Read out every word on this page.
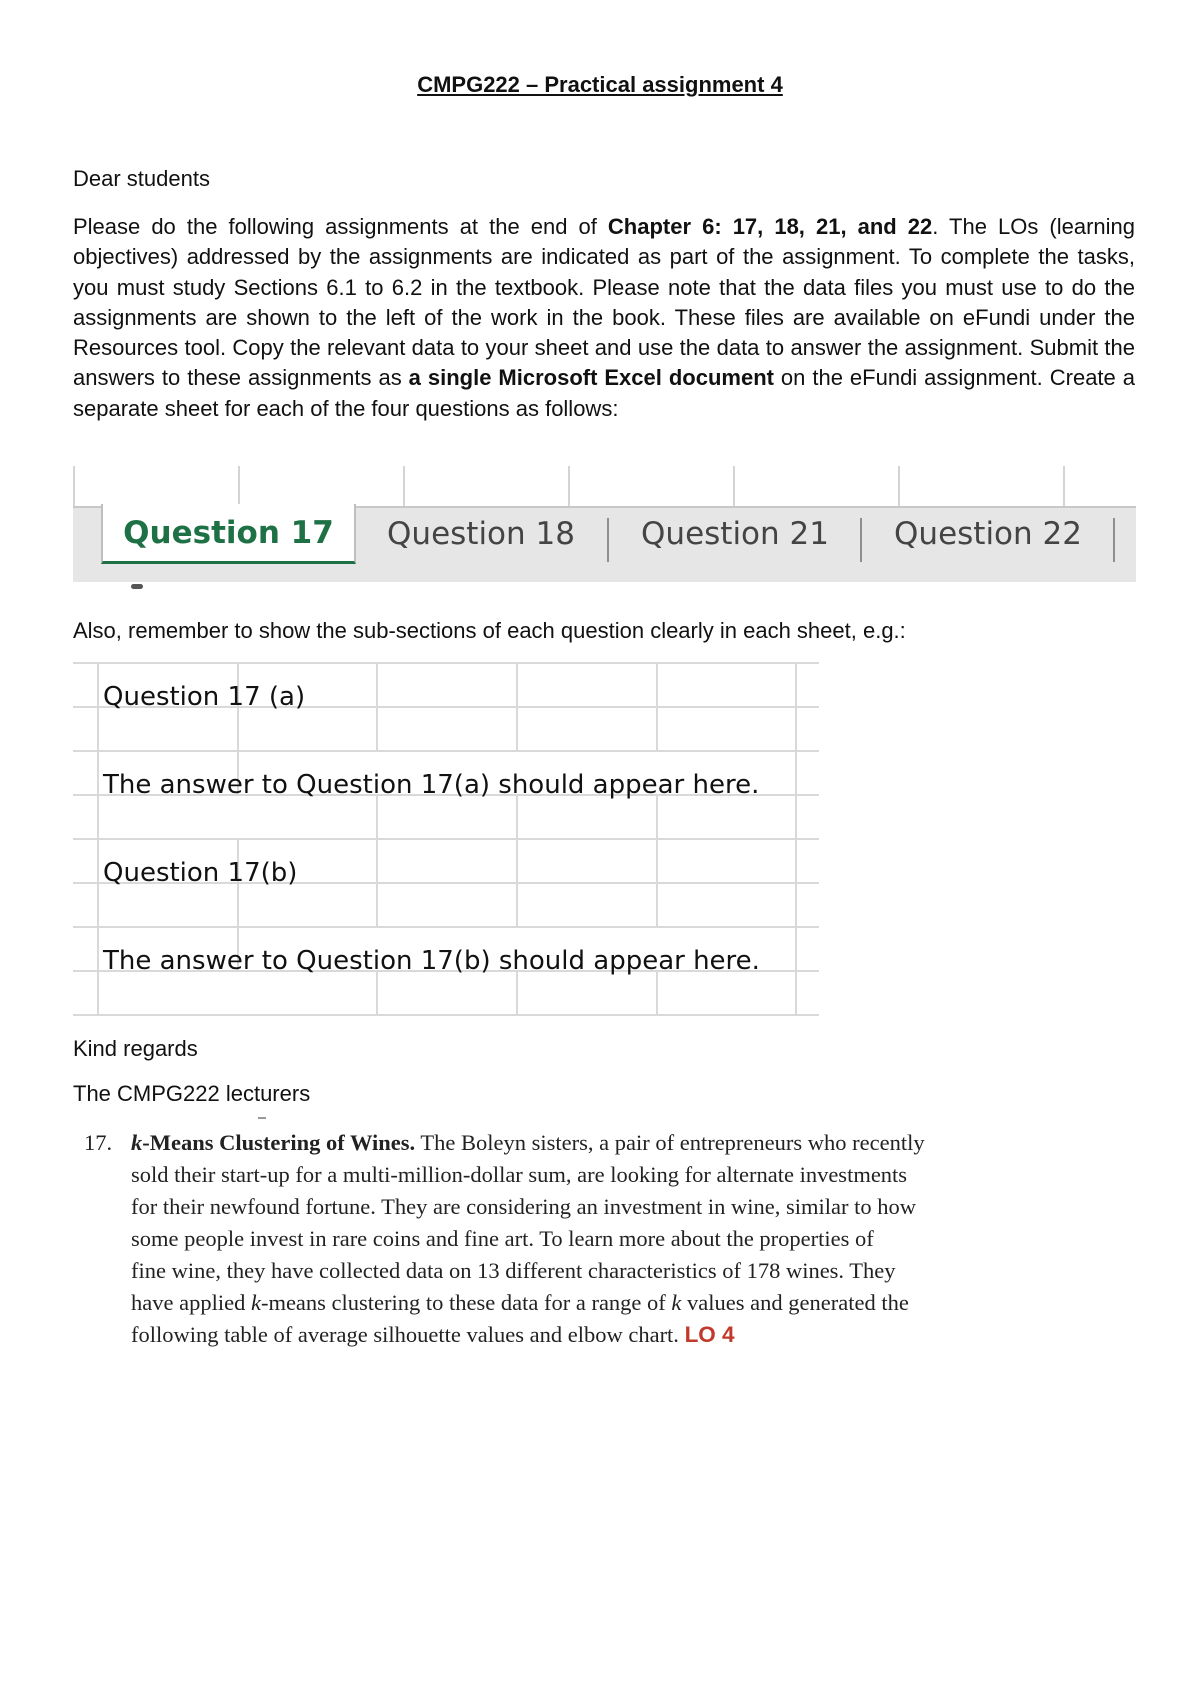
CMPG222 – Practical assignment 4
Dear students
Please do the following assignments at the end of Chapter 6: 17, 18, 21, and 22. The LOs (learning objectives) addressed by the assignments are indicated as part of the assignment. To complete the tasks, you must study Sections 6.1 to 6.2 in the textbook. Please note that the data files you must use to do the assignments are shown to the left of the work in the book. These files are available on eFundi under the Resources tool. Copy the relevant data to your sheet and use the data to answer the assignment. Submit the answers to these assignments as a single Microsoft Excel document on the eFundi assignment. Create a separate sheet for each of the four questions as follows:
Question 17	Question 18	Question 21	Question 22
Also, remember to show the sub-sections of each question clearly in each sheet, e.g.:
Question 17 (a)
The answer to Question 17(a) should appear here.
Question 17(b)
The answer to Question 17(b) should appear here.
Kind regards
The CMPG222 lecturers
17. k-Means Clustering of Wines. The Boleyn sisters, a pair of entrepreneurs who recently
sold their start-up for a multi-million-dollar sum, are looking for alternate investments
for their newfound fortune. They are considering an investment in wine, similar to how
some people invest in rare coins and fine art. To learn more about the properties of
fine wine, they have collected data on 13 different characteristics of 178 wines. They
have applied k-means clustering to these data for a range of k values and generated the
following table of average silhouette values and elbow chart. LO 4
